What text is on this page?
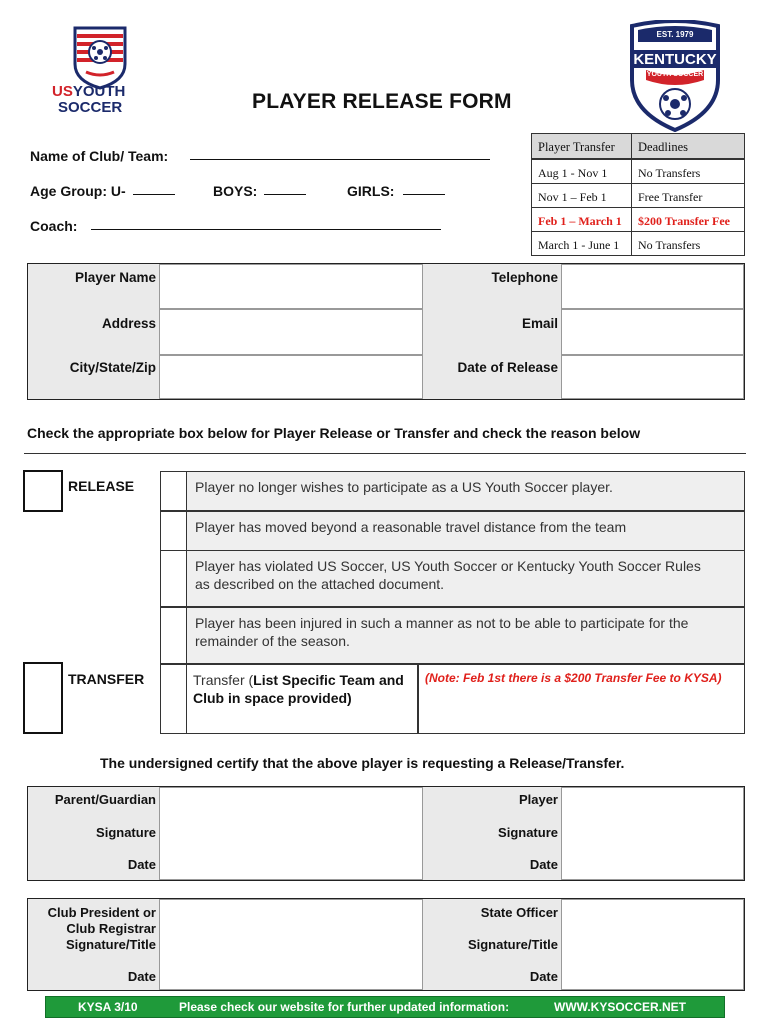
USYOUTH
SOCCER
EST. 1979
KENTUCKY
YOUTH SOCCER
PLAYER RELEASE FORM
Name of Club/ Team:
Age Group: U-	BOYS:	GIRLS:
Coach:
Player Transfer	Deadlines
Aug 1 - Nov 1	No Transfers
Nov 1 – Feb 1	Free Transfer
Feb 1 – March 1	$200 Transfer Fee
March 1 - June 1	No Transfers
Player Name	Telephone
Address	Email
City/State/Zip	Date of Release
Check the appropriate box below for Player Release or Transfer and check the reason below
RELEASE	Player no longer wishes to participate as a US Youth Soccer player.
Player has moved beyond a reasonable travel distance from the team
Player has violated US Soccer, US Youth Soccer or Kentucky Youth Soccer Rules as described on the attached document.
Player has been injured in such a manner as not to be able to participate for the remainder of the season.
TRANSFER	Transfer (List Specific Team and Club in space provided)
(Note: Feb 1st there is a $200 Transfer Fee to KYSA)
The undersigned certify that the above player is requesting a Release/Transfer.
Parent/Guardian
Signature
Date
Player
Signature
Date
Club President or
Club Registrar
Signature/Title
Date
State Officer
Signature/Title
Date
KYSA 3/10	Please check our website for further updated information:	WWW.KYSOCCER.NET
